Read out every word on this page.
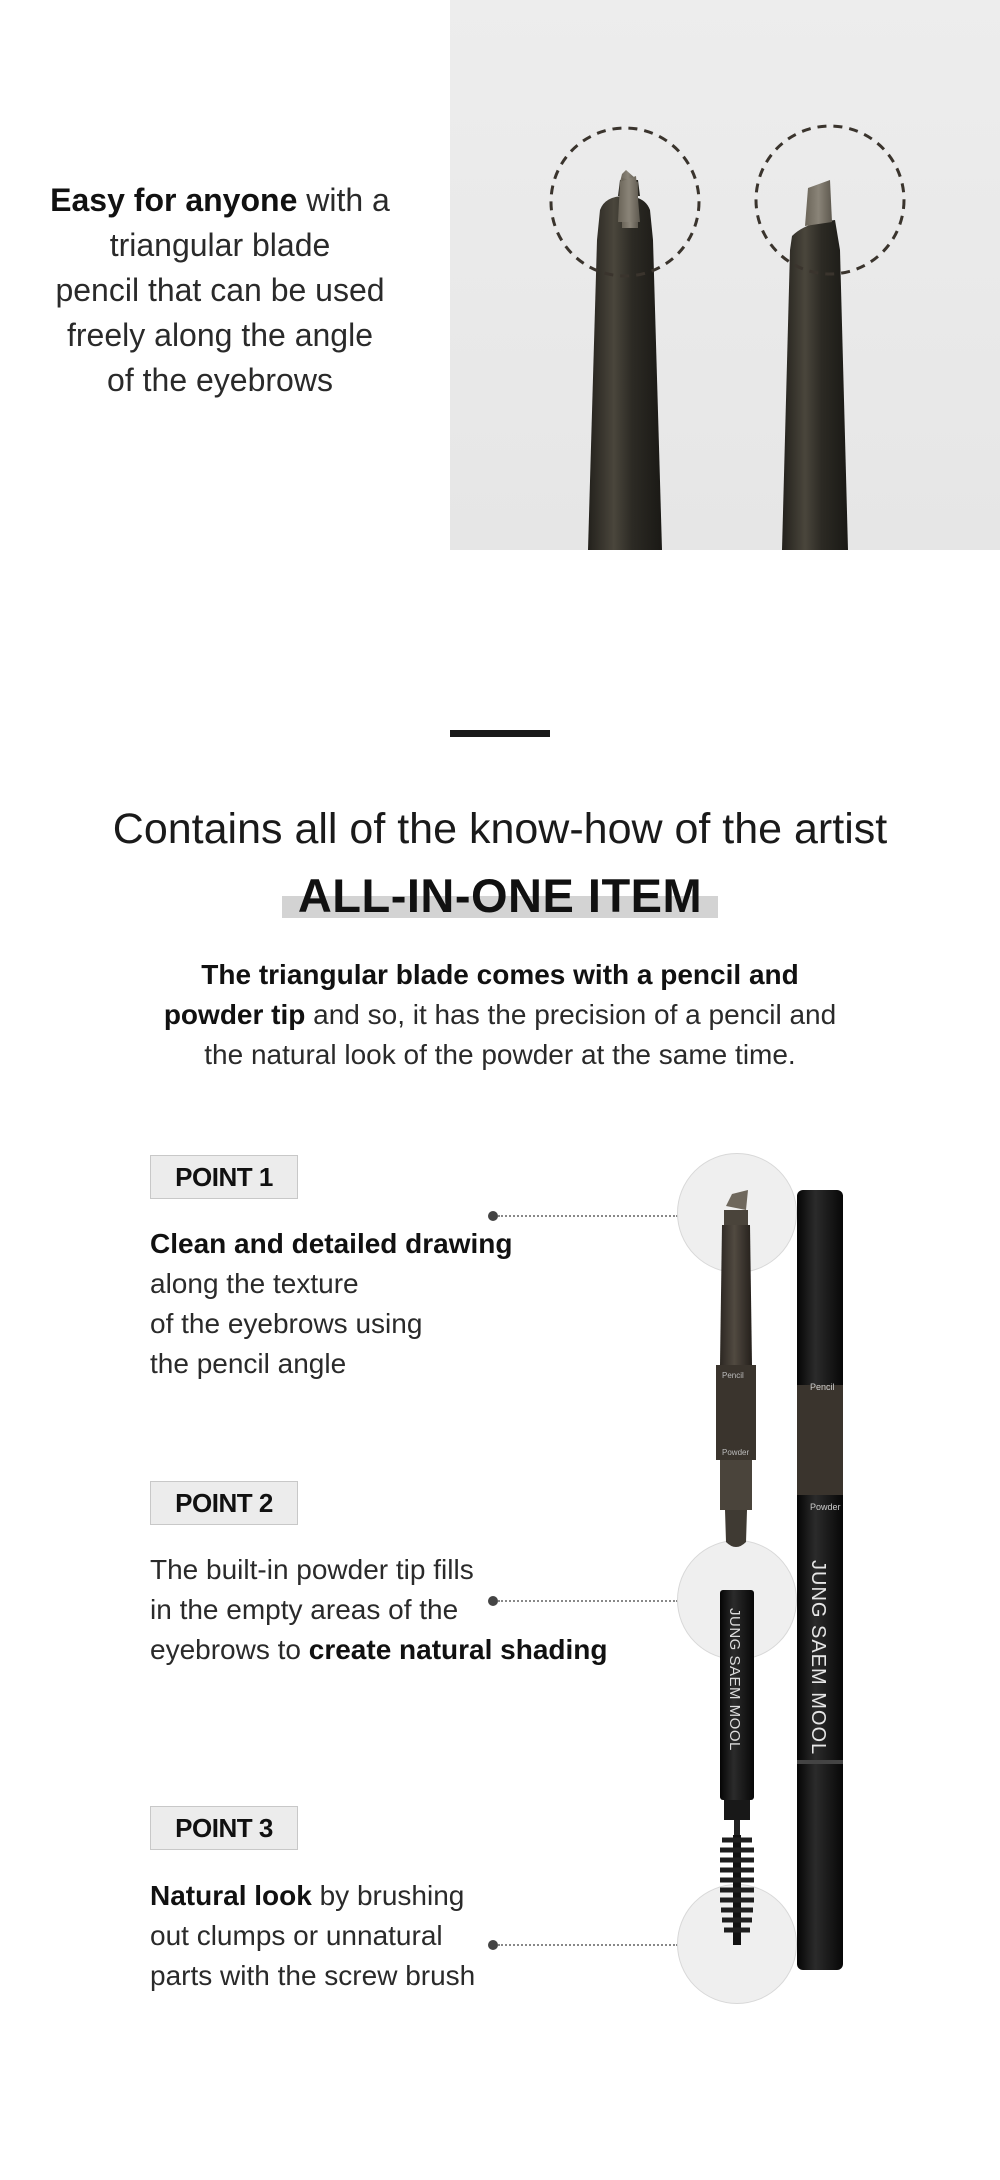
Easy for anyone with a
triangular blade
pencil that can be used
freely along the angle
of the eyebrows
Contains all of the know-how of the artist
ALL-IN-ONE ITEM
The triangular blade comes with a pencil and
powder tip and so, it has the precision of a pencil and
the natural look of the powder at the same time.
POINT 1
Clean and detailed drawing
along the texture
of the eyebrows using
the pencil angle
POINT 2
The built-in powder tip fills
in the empty areas of the
eyebrows to create natural shading
POINT 3
Natural look by brushing
out clumps or unnatural
parts with the screw brush
Pencil
Powder
JUNG SAEM MOOL
Pencil
Powder
JUNG SAEM MOOL
